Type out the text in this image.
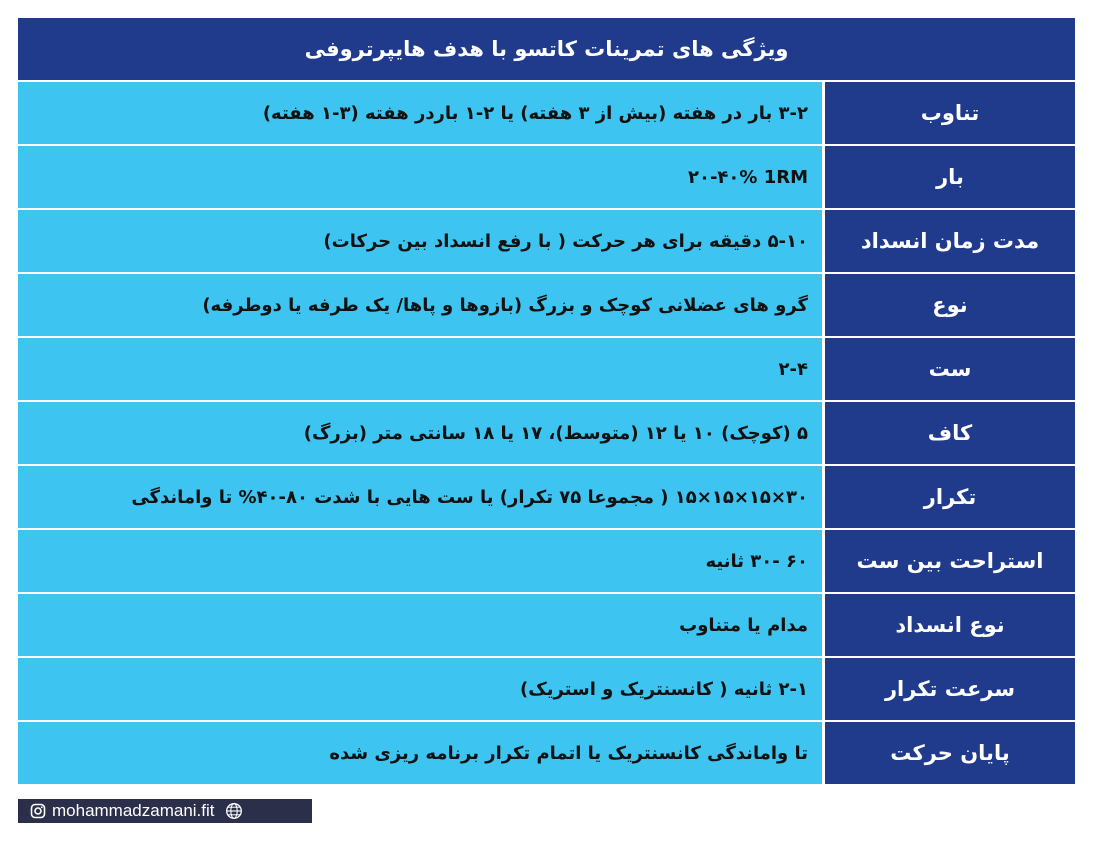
ویژگی های تمرینات کاتسو با هدف هایپرتروفی
تناوب
۳-۲ بار در هفته (بیش از ۳ هفته) یا ۲-۱ باردر هفته (۳-۱ هفته)
بار
۲۰-۴۰% 1RM
مدت زمان انسداد
۵-۱۰ دقیقه برای هر حرکت ( با رفع انسداد بین حرکات)
نوع
گرو های عضلانی کوچک و بزرگ (بازوها و پاها/ یک طرفه یا دوطرفه)
ست
۲-۴
کاف
۵ (کوچک) ۱۰ یا ۱۲ (متوسط)، ۱۷ یا ۱۸ سانتی متر (بزرگ)
تکرار
۳۰×۱۵×۱۵×۱۵ ( مجموعا ۷۵ تکرار) یا ست هایی با شدت ۸۰-۴۰% تا واماندگی
استراحت بین ست
۶۰ -۳۰ ثانیه
نوع انسداد
مدام یا متناوب
سرعت تکرار
۲-۱ ثانیه ( کانسنتریک و استریک)
پایان حرکت
تا واماندگی کانسنتریک یا اتمام تکرار برنامه ریزی شده
mohammadzamani.fit
